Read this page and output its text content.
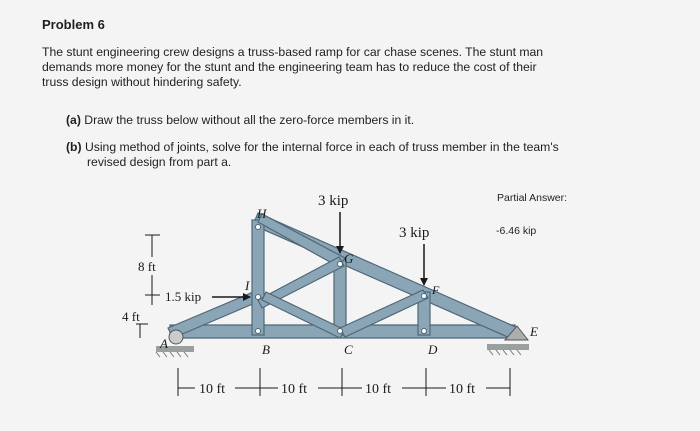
Problem 6
The stunt engineering crew designs a truss-based ramp for car chase scenes. The stunt man
demands more money for the stunt and the engineering team has to reduce the cost of their
truss design without hindering safety.
(a) Draw the truss below without all the zero-force members in it.
(b) Using method of joints, solve for the internal force in each of truss member in the team's
revised design from part a.
Partial Answer:
-6.46 kip
3 kip
3 kip
1.5 kip
H
G
I	F
A	B	C	D
E
8 ft
4 ft
10 ft	10 ft	10 ft	10 ft
